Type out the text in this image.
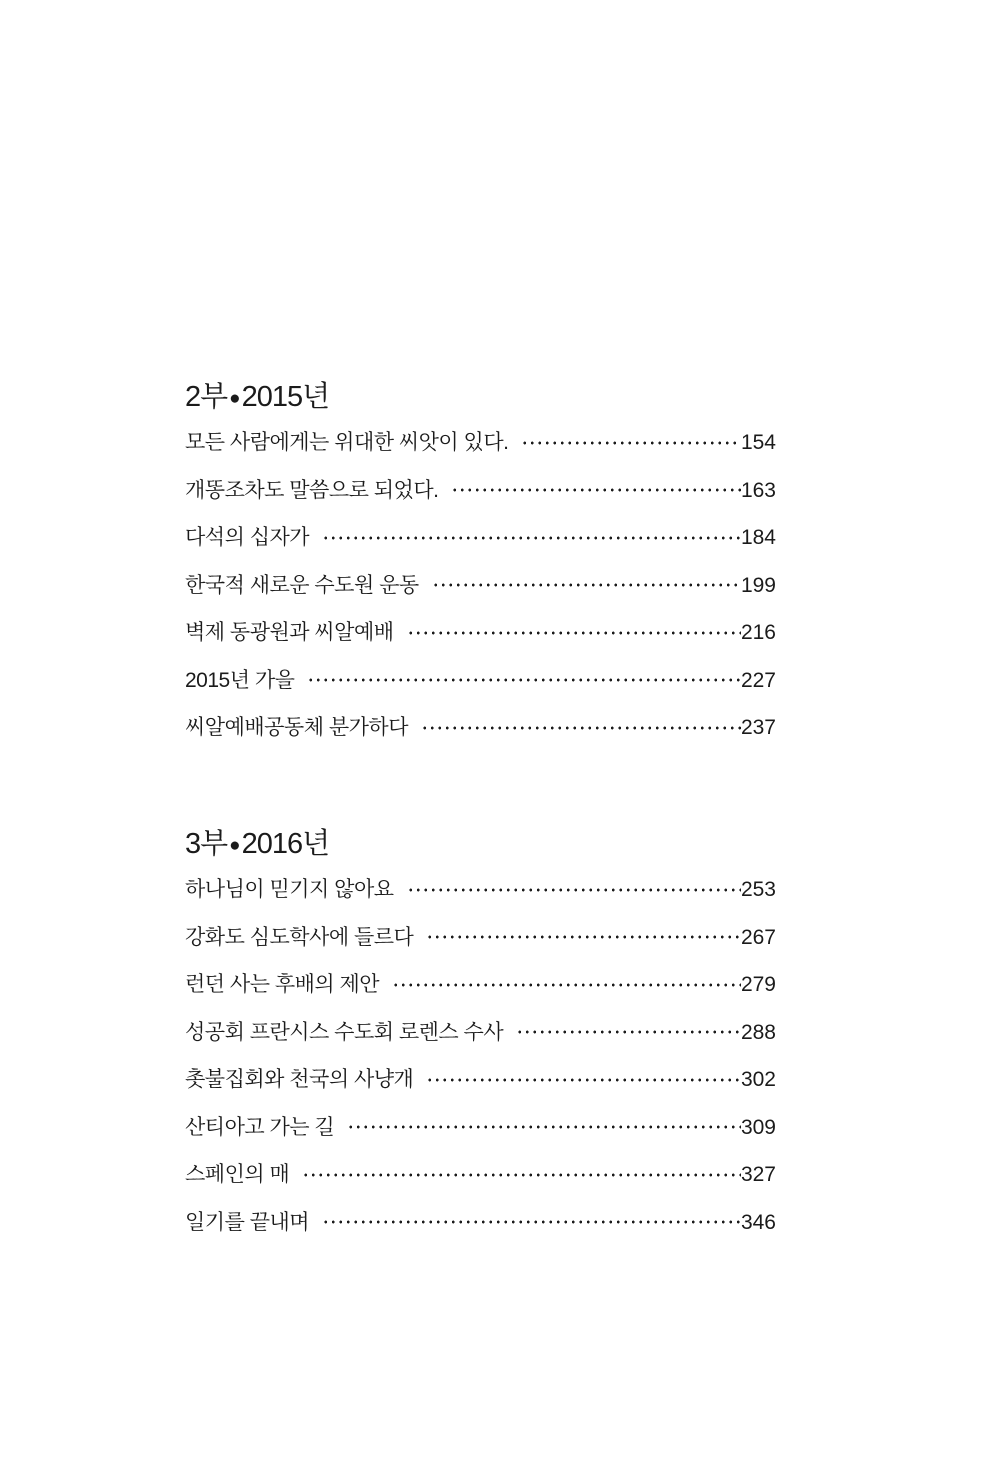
2부 ●2015년
모든 사람에게는 위대한 씨앗이 있다.	154
개똥조차도 말씀으로 되었다.	163
다석의 십자가	184
한국적 새로운 수도원 운동	199
벽제 동광원과 씨알예배	216
2015년 가을	227
씨알예배공동체 분가하다	237
3부 ●2016년
하나님이 믿기지 않아요	253
강화도 심도학사에 들르다	267
런던 사는 후배의 제안	279
성공회 프란시스 수도회 로렌스 수사	288
촛불집회와 천국의 사냥개	302
산티아고 가는 길	309
스페인의 매	327
일기를 끝내며	346
